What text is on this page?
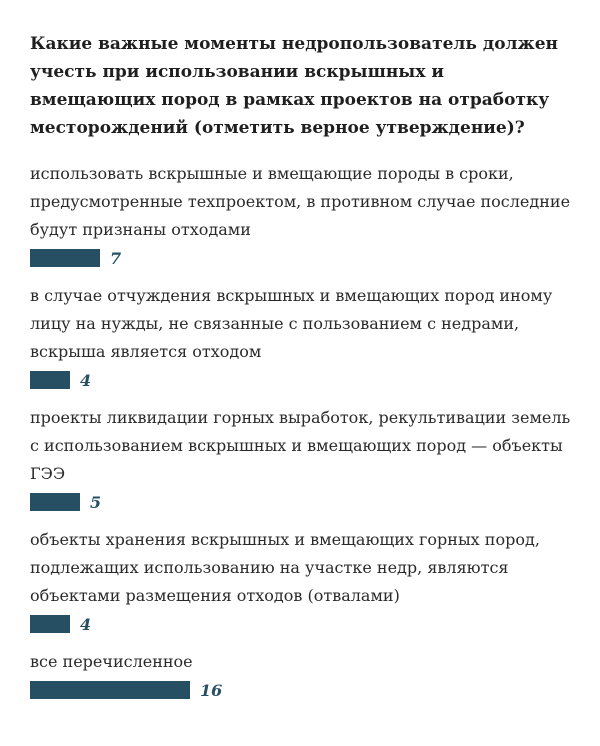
Какие важные моменты недропользователь должен учесть при использовании вскрышных и вмещающих пород в рамках проектов на отработку месторождений (отметить верное утверждение)?

использовать вскрышные и вмещающие породы в сроки, предусмотренные техпроектом, в противном случае последние будут признаны отходами
7
в случае отчуждения вскрышных и вмещающих пород иному лицу на нужды, не связанные с пользованием с недрами, вскрыша является отходом
4
проекты ликвидации горных выработок, рекультивации земель с использованием вскрышных и вмещающих пород — объекты ГЭЭ
5
объекты хранения вскрышных и вмещающих горных пород, подлежащих использованию на участке недр, являются объектами размещения отходов (отвалами)
4
все перечисленное
16
